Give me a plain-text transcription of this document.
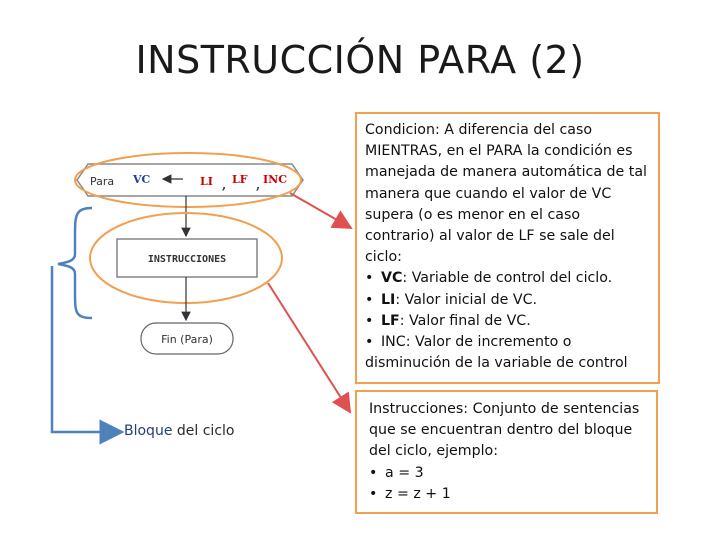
INSTRUCCIÓN PARA (2)
Para VC	LI , LF , INC
INSTRUCCIONES
Fin (Para)
Bloque del ciclo
Condicion: A diferencia del caso MIENTRAS, en el PARA la condición es manejada de manera automática de tal manera que cuando el valor de VC supera (o es menor en el caso contrario) al valor de LF se sale del ciclo:
• VC: Variable de control del ciclo.
• LI: Valor inicial de VC.
• LF: Valor final de VC.
• INC: Valor de incremento o disminución de la variable de control
Instrucciones: Conjunto de sentencias que se encuentran dentro del bloque del ciclo, ejemplo:
• a = 3
• z = z + 1
